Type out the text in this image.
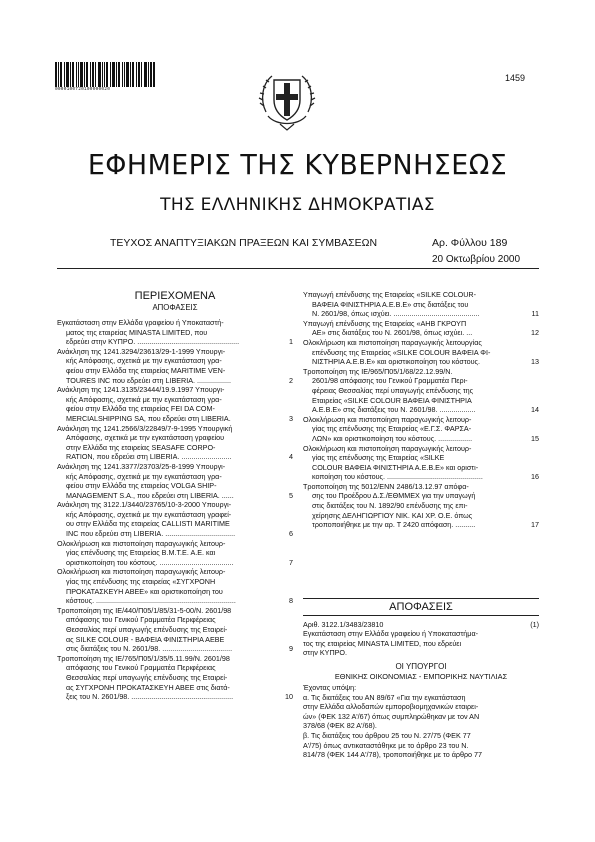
0000100720100000020
1459
ΕΦΗΜΕΡΙΣ ΤΗΣ ΚΥΒΕΡΝΗΣΕΩΣ
ΤΗΣ ΕΛΛΗΝΙΚΗΣ ΔΗΜΟΚΡΑΤΙΑΣ
ΤΕΥΧΟΣ ΑΝΑΠΤΥΞΙΑΚΩΝ ΠΡΑΞΕΩΝ ΚΑΙ ΣΥΜΒΑΣΕΩΝ	Αρ. Φύλλου 189
20 Οκτωβρίου 2000
ΠΕΡΙΕΧΟΜΕΝΑ
ΑΠΟΦΑΣΕΙΣ
Εγκατάσταση στην Ελλάδα γραφείου ή Υποκαταστή-
ματος της εταιρείας MINASTA LIMITED, που
εδρεύει στην ΚΥΠΡΟ. ...................................................	1
Ανάκληση της 1241.3294/23613/29-1-1999 Υπουργι-
κής Απόφασης, σχετικά με την εγκατάσταση γρα-
φείου στην Ελλάδα της εταιρείας MARITIME VEN-
TOURES INC που εδρεύει στη LIBERIA. .................	2
Ανάκληση της 1241.3135/23444/19.9.1997 Υπουργι-
κής Απόφασης, σχετικά με την εγκατάσταση γρα-
φείου στην Ελλάδα της εταιρείας FEI DA COM-
MERCIALSHIPPING SA, που εδρεύει στη LIBERIA.	3
Ανάκληση της 1241.2566/3/22849/7-9-1995 Υπουργική
Απόφασης, σχετικά με την εγκατάσταση γραφείου
στην Ελλάδα της εταιρείας SEASAFE CORPO-
RATION, που εδρεύει στη LIBERIA. .........................	4
Ανάκληση της 1241.3377/23703/25-8-1999 Υπουργι-
κής Απόφασης, σχετικά με την εγκατάσταση γρα-
φείου στην Ελλάδα της εταιρείας VOLGA SHIP-
MANAGEMENT S.A., που εδρεύει στη LIBERIA. ......	5
Ανάκληση της 3122.1/3440/23765/10-3-2000 Υπουργι-
κής Απόφασης, σχετικά με την εγκατάσταση γραφεί-
ου στην Ελλάδα της εταιρείας CALLISTI MARITIME
INC που εδρεύει στη LIBERIA. ...................................	6
Ολοκλήρωση και πιστοποίηση παραγωγικής λειτουρ-
γίας επένδυσης της Εταιρείας Β.Μ.Τ.Ε. Α.Ε. και
οριστικοποίηση του κόστους. .....................................	7
Ολοκλήρωση και πιστοποίηση παραγωγικής λειτουρ-
γίας της επένδυσης της εταιρείας «ΣΥΓΧΡΟΝΗ
ΠΡΟΚΑΤΑΣΚΕΥΗ ΑΒΕΕ» και οριστικοποίηση του
κόστους. ......................................................................	8
Τροποποίηση της ΙΕ/440/Π05/1/85/31-5-00/Ν. 2601/98
απόφασης του Γενικού Γραμματέα Περιφέρειας
Θεσσαλίας περί υπαγωγής επένδυσης της Εταιρεί-
ας SILKE COLOUR - ΒΑΦΕΙΑ ΦΙΝΙΣΤΗΡΙΑ ΑΕΒΕ
στις διατάξεις του Ν. 2601/98. ...................................	9
Τροποποίηση της ΙΕ/765/Π05/1/35/5.11.99/Ν. 2601/98
απόφασης του Γενικού Γραμματέα Περιφέρειας
Θεσσαλίας περί υπαγωγής επένδυσης της Εταιρεί-
ας ΣΥΓΧΡΟΝΗ ΠΡΟΚΑΤΑΣΚΕΥΗ ΑΒΕΕ στις διατά-
ξεις του Ν. 2601/98. ...................................................	10
Υπαγωγή επένδυσης της Εταιρείας «SILKE COLOUR-
ΒΑΦΕΙΑ ΦΙΝΙΣΤΗΡΙΑ Α.Ε.Β.Ε» στις διατάξεις του
Ν. 2601/98, όπως ισχύει. ...........................................	11
Υπαγωγή επένδυσης της Εταιρείας «ΑΗΒ ΓΚΡΟΥΠ
ΑΕ» στις διατάξεις του Ν. 2601/98, όπως ισχύει. ...	12
Ολοκλήρωση και πιστοποίηση παραγωγικής λειτουργίας
επένδυσης της Εταιρείας «SILKE COLOUR ΒΑΦΕΙΑ ΦΙ-
ΝΙΣΤΗΡΙΑ Α.Ε.Β.Ε» και οριστικοποίηση του κόστους.	13
Τροποποίηση της ΙΕ/965/Π05/1/68/22.12.99/Ν.
2601/98 απόφασης του Γενικού Γραμματέα Περι-
φέρειας Θεσσαλίας περί υπαγωγής επένδυσης της
Εταιρείας «SILKE COLOUR ΒΑΦΕΙΑ ΦΙΝΙΣΤΗΡΙΑ
Α.Ε.Β.Ε» στις διατάξεις του Ν. 2601/98. ..................	14
Ολοκλήρωση και πιστοποίηση παραγωγικής λειτουρ-
γίας της επένδυσης της Εταιρείας «Ε.Γ.Σ. ΦΑΡΣΑ-
ΛΩΝ» και οριστικοποίηση του κόστους. .................	15
Ολοκλήρωση και πιστοποίηση παραγωγικής λειτουρ-
γίας της επένδυσης της Εταιρείας «SILKE
COLOUR ΒΑΦΕΙΑ ΦΙΝΙΣΤΗΡΙΑ Α.Ε.Β.Ε» και οριστι-
κοποίηση του κόστους. ................................................	16
Τροποποίηση της 5012/ΕΝΝ 2486/13.12.97 απόφα-
σης του Προέδρου Δ.Σ./ΕΘΜΜΕΧ για την υπαγωγή
στις διατάξεις του Ν. 1892/90 επένδυσης της επι-
χείρησης ΔΕΛΗΓΙΩΡΓΙΟΥ ΝΙΚ. ΚΑΙ ΧΡ. Ο.Ε. όπως
τροποποιήθηκε με την αρ. Τ 2420 απόφαση. ..........	17
ΑΠΟΦΑΣΕΙΣ
Αριθ. 3122.1/3483/23810	(1)
Εγκατάσταση στην Ελλάδα γραφείου ή Υποκαταστήμα-
τος της εταιρείας MINASTA LIMITED, που εδρεύει
στην ΚΥΠΡΟ.
ΟΙ ΥΠΟΥΡΓΟΙ
ΕΘΝΙΚΗΣ ΟΙΚΟΝΟΜΙΑΣ - ΕΜΠΟΡΙΚΗΣ ΝΑΥΤΙΛΙΑΣ
Έχοντας υπόψη:
α. Τις διατάξεις του ΑΝ 89/67 «Για την εγκατάσταση
στην Ελλάδα αλλοδαπών εμπορoβιομηχανικών εταιρει-
ών» (ΦΕΚ 132 Α'/67) όπως συμπληρώθηκαν με τον ΑΝ
378/68 (ΦΕΚ 82 Α'/68).
β. Τις διατάξεις του άρθρου 25 του Ν. 27/75 (ΦΕΚ 77
Α'/75) όπως αντικαταστάθηκε με το άρθρο 23 του Ν.
814/78 (ΦΕΚ 144 Α'/78), τροποποιήθηκε με το άρθρο 77
